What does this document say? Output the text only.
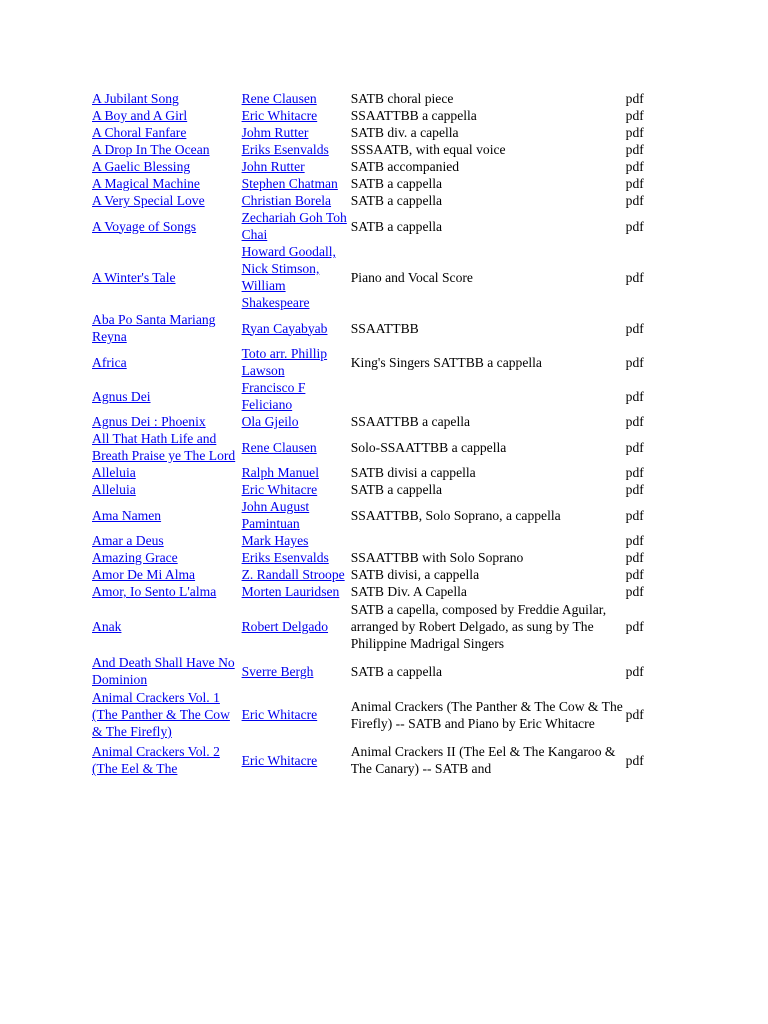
A Jubilant Song	Rene Clausen	SATB choral piece	pdf
A Boy and A Girl	Eric Whitacre	SSAATTBB a cappella	pdf
A Choral Fanfare	Johm Rutter	SATB div. a capella	pdf
A Drop In The Ocean	Eriks Esenvalds	SSSAATB, with equal voice	pdf
A Gaelic Blessing	John Rutter	SATB accompanied	pdf
A Magical Machine	Stephen Chatman	SATB a cappella	pdf
A Very Special Love	Christian Borela	SATB a cappella	pdf
A Voyage of Songs	Zechariah Goh Toh Chai	SATB a cappella	pdf
A Winter's Tale	Howard Goodall, Nick Stimson, William Shakespeare	Piano and Vocal Score	pdf
Aba Po Santa Mariang Reyna	Ryan Cayabyab	SSAATTBB	pdf
Africa	Toto arr. Phillip Lawson	King's Singers SATTBB a cappella	pdf
Agnus Dei	Francisco F Feliciano		pdf
Agnus Dei : Phoenix	Ola Gjeilo	SSAATTBB a capella	pdf
All That Hath Life and Breath Praise ye The Lord	Rene Clausen	Solo-SSAATTBB a cappella	pdf
Alleluia	Ralph Manuel	SATB divisi a cappella	pdf
Alleluia	Eric Whitacre	SATB a cappella	pdf
Ama Namen	John August Pamintuan	SSAATTBB, Solo Soprano, a cappella	pdf
Amar a Deus	Mark Hayes		pdf
Amazing Grace	Eriks Esenvalds	SSAATTBB with Solo Soprano	pdf
Amor De Mi Alma	Z. Randall Stroope	SATB divisi, a cappella	pdf
Amor, Io Sento L'alma	Morten Lauridsen	SATB Div. A Capella	pdf
Anak	Robert Delgado	SATB a capella, composed by Freddie Aguilar, arranged by Robert Delgado, as sung by The Philippine Madrigal Singers	pdf
And Death Shall Have No Dominion	Sverre Bergh	SATB a cappella	pdf
Animal Crackers Vol. 1 (The Panther & The Cow & The Firefly)	Eric Whitacre	Animal Crackers (The Panther & The Cow & The Firefly) -- SATB and Piano by Eric Whitacre	pdf
Animal Crackers Vol. 2 (The Eel & The	Eric Whitacre	Animal Crackers II (The Eel & The Kangaroo & The Canary) -- SATB and	pdf
